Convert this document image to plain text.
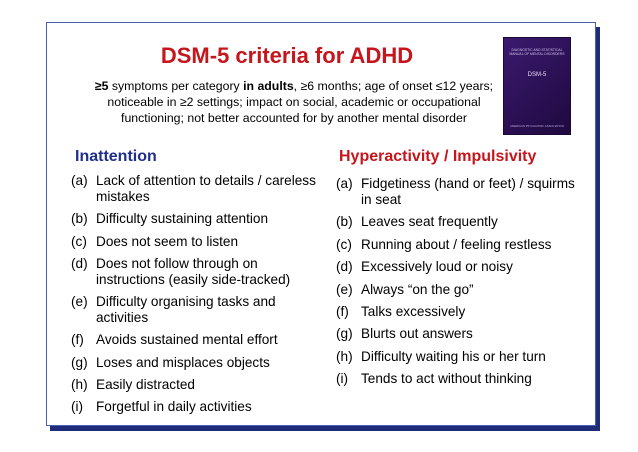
DSM-5 criteria for ADHD
≥5 symptoms per category in adults, ≥6 months; age of onset ≤12 years;
noticeable in ≥2 settings; impact on social, academic or occupational
functioning; not better accounted for by another mental disorder
DIAGNOSTIC AND STATISTICAL MANUAL OF MENTAL DISORDERS
DSM-5
AMERICAN PSYCHIATRIC ASSOCIATION
Inattention	Hyperactivity / Impulsivity
(a) Lack of attention to details / careless mistakes
(b) Difficulty sustaining attention
(c) Does not seem to listen
(d) Does not follow through on instructions (easily side-tracked)
(e) Difficulty organising tasks and activities
(f) Avoids sustained mental effort
(g) Loses and misplaces objects
(h) Easily distracted
(i) Forgetful in daily activities
(a) Fidgetiness (hand or feet) / squirms in seat
(b) Leaves seat frequently
(c) Running about / feeling restless
(d) Excessively loud or noisy
(e) Always “on the go”
(f) Talks excessively
(g) Blurts out answers
(h) Difficulty waiting his or her turn
(i) Tends to act without thinking
